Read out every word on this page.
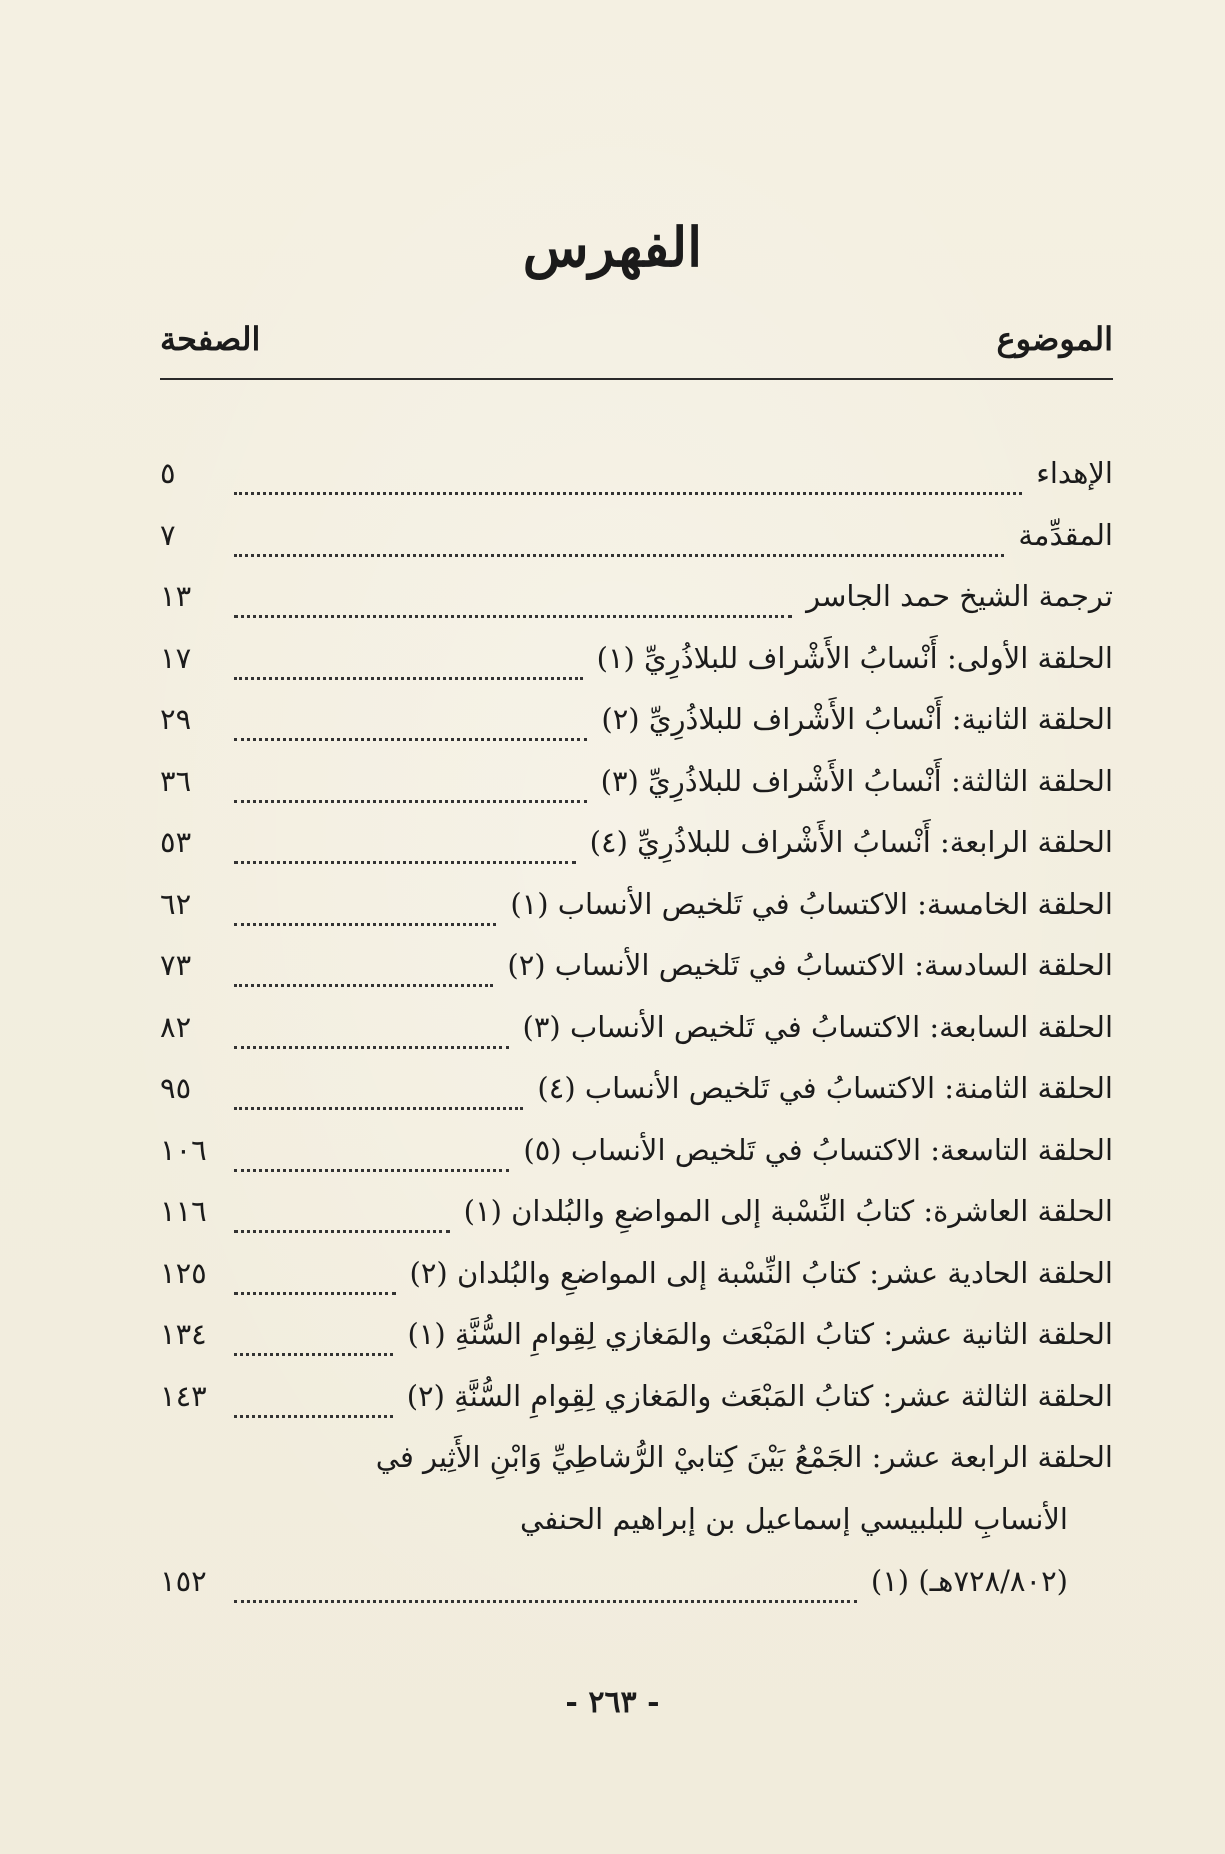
الفهرس
الموضوع
الصفحة
الإهداء
٥
المقدِّمة
٧
ترجمة الشيخ حمد الجاسر
١٣
الحلقة الأولى: أَنْسابُ الأَشْراف للبلاذُرِيِّ (١)
١٧
الحلقة الثانية: أَنْسابُ الأَشْراف للبلاذُرِيِّ (٢)
٢٩
الحلقة الثالثة: أَنْسابُ الأَشْراف للبلاذُرِيِّ (٣)
٣٦
الحلقة الرابعة: أَنْسابُ الأَشْراف للبلاذُرِيِّ (٤)
٥٣
الحلقة الخامسة: الاكتسابُ في تَلخيص الأنساب (١)
٦٢
الحلقة السادسة: الاكتسابُ في تَلخيص الأنساب (٢)
٧٣
الحلقة السابعة: الاكتسابُ في تَلخيص الأنساب (٣)
٨٢
الحلقة الثامنة: الاكتسابُ في تَلخيص الأنساب (٤)
٩٥
الحلقة التاسعة: الاكتسابُ في تَلخيص الأنساب (٥)
١٠٦
الحلقة العاشرة: كتابُ النِّسْبة إلى المواضعِ والبُلدان (١)
١١٦
الحلقة الحادية عشر: كتابُ النِّسْبة إلى المواضعِ والبُلدان (٢)
١٢٥
الحلقة الثانية عشر: كتابُ المَبْعَث والمَغازي لِقِوامِ السُّنَّةِ (١)
١٣٤
الحلقة الثالثة عشر: كتابُ المَبْعَث والمَغازي لِقِوامِ السُّنَّةِ (٢)
١٤٣
الحلقة الرابعة عشر: الجَمْعُ بَيْنَ كِتابيْ الرُّشاطِيِّ وَابْنِ الأَثِير في
الأنسابِ للبلبيسي إسماعيل بن إبراهيم الحنفي
(٧٢٨/٨٠٢هـ) (١)
١٥٢
- ٢٦٣ -
